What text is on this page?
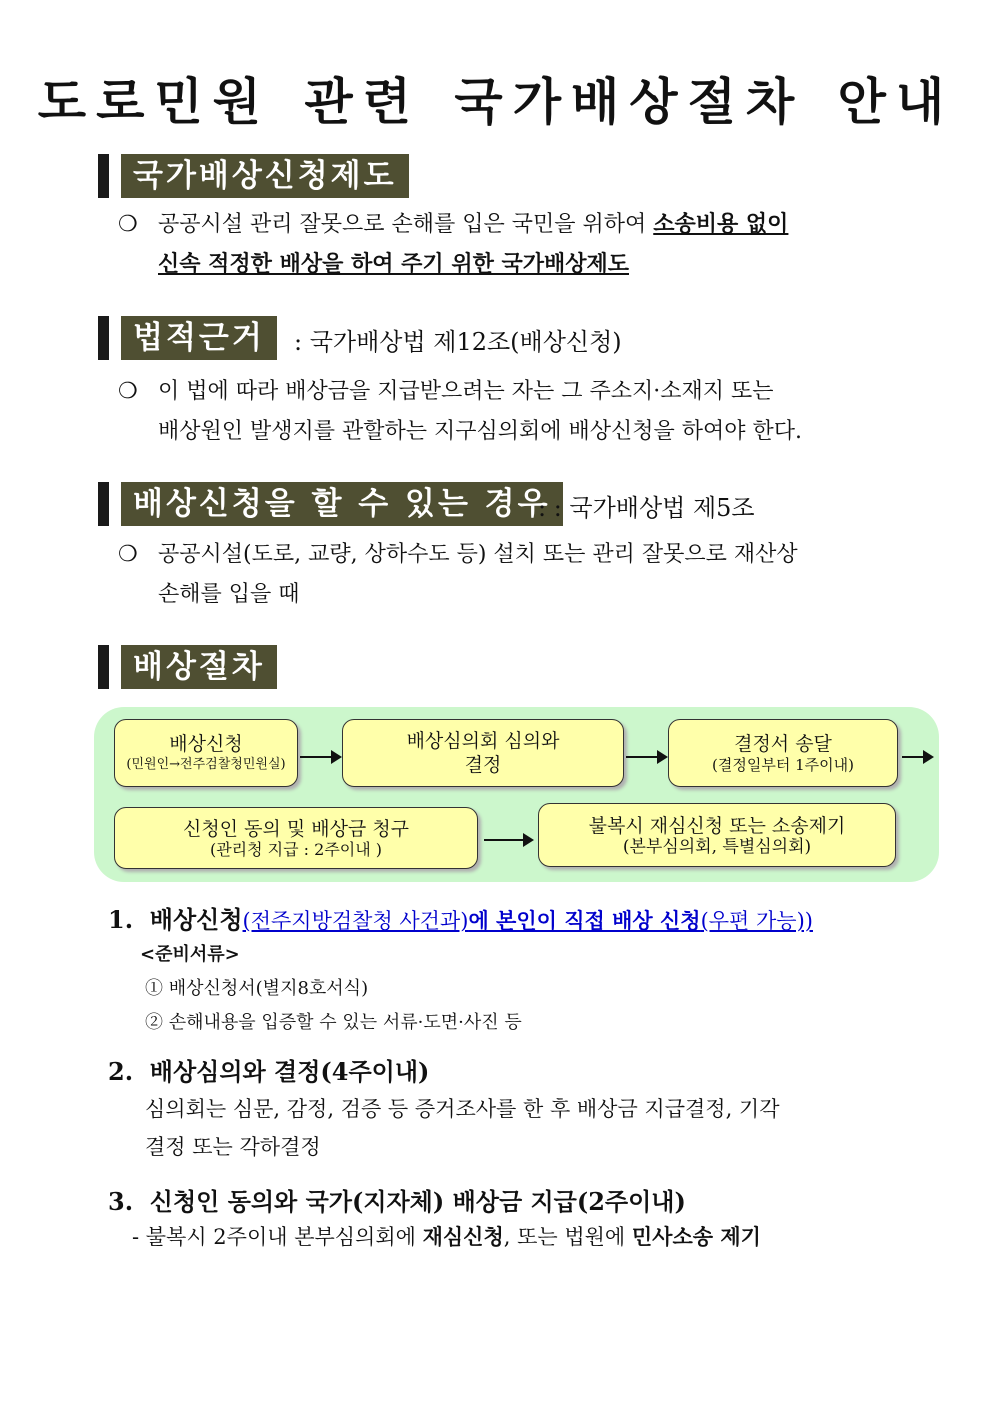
도로민원 관련 국가배상절차 안내
국가배상신청제도
❍ 공공시설 관리 잘못으로 손해를 입은 국민을 위하여 소송비용 없이
신속 적정한 배상을 하여 주기 위한 국가배상제도
법적근거	: 국가배상법 제12조(배상신청)
❍ 이 법에 따라 배상금을 지급받으려는 자는 그 주소지·소재지 또는
배상원인 발생지를 관할하는 지구심의회에 배상신청을 하여야 한다.
배상신청을 할 수 있는 경우
: : 국가배상법 제5조
❍ 공공시설(도로, 교량, 상하수도 등) 설치 또는 관리 잘못으로 재산상
손해를 입을 때
배상절차
배상신청
(민원인→전주검찰청민원실)
배상심의회 심의와
결정
결정서 송달
(결정일부터 1주이내)
신청인 동의 및 배상금 청구
(관리청 지급 : 2주이내 )
불복시 재심신청 또는 소송제기
(본부심의회, 특별심의회)
1. 배상신청(전주지방검찰청 사건과)에 본인이 직접 배상 신청(우편 가능))
<준비서류>
① 배상신청서(별지8호서식)
② 손해내용을 입증할 수 있는 서류·도면·사진 등
2. 배상심의와 결정(4주이내)
심의회는 심문, 감정, 검증 등 증거조사를 한 후 배상금 지급결정, 기각
결정 또는 각하결정
3. 신청인 동의와 국가(지자체) 배상금 지급(2주이내)
- 불복시 2주이내 본부심의회에 재심신청, 또는 법원에 민사소송 제기
